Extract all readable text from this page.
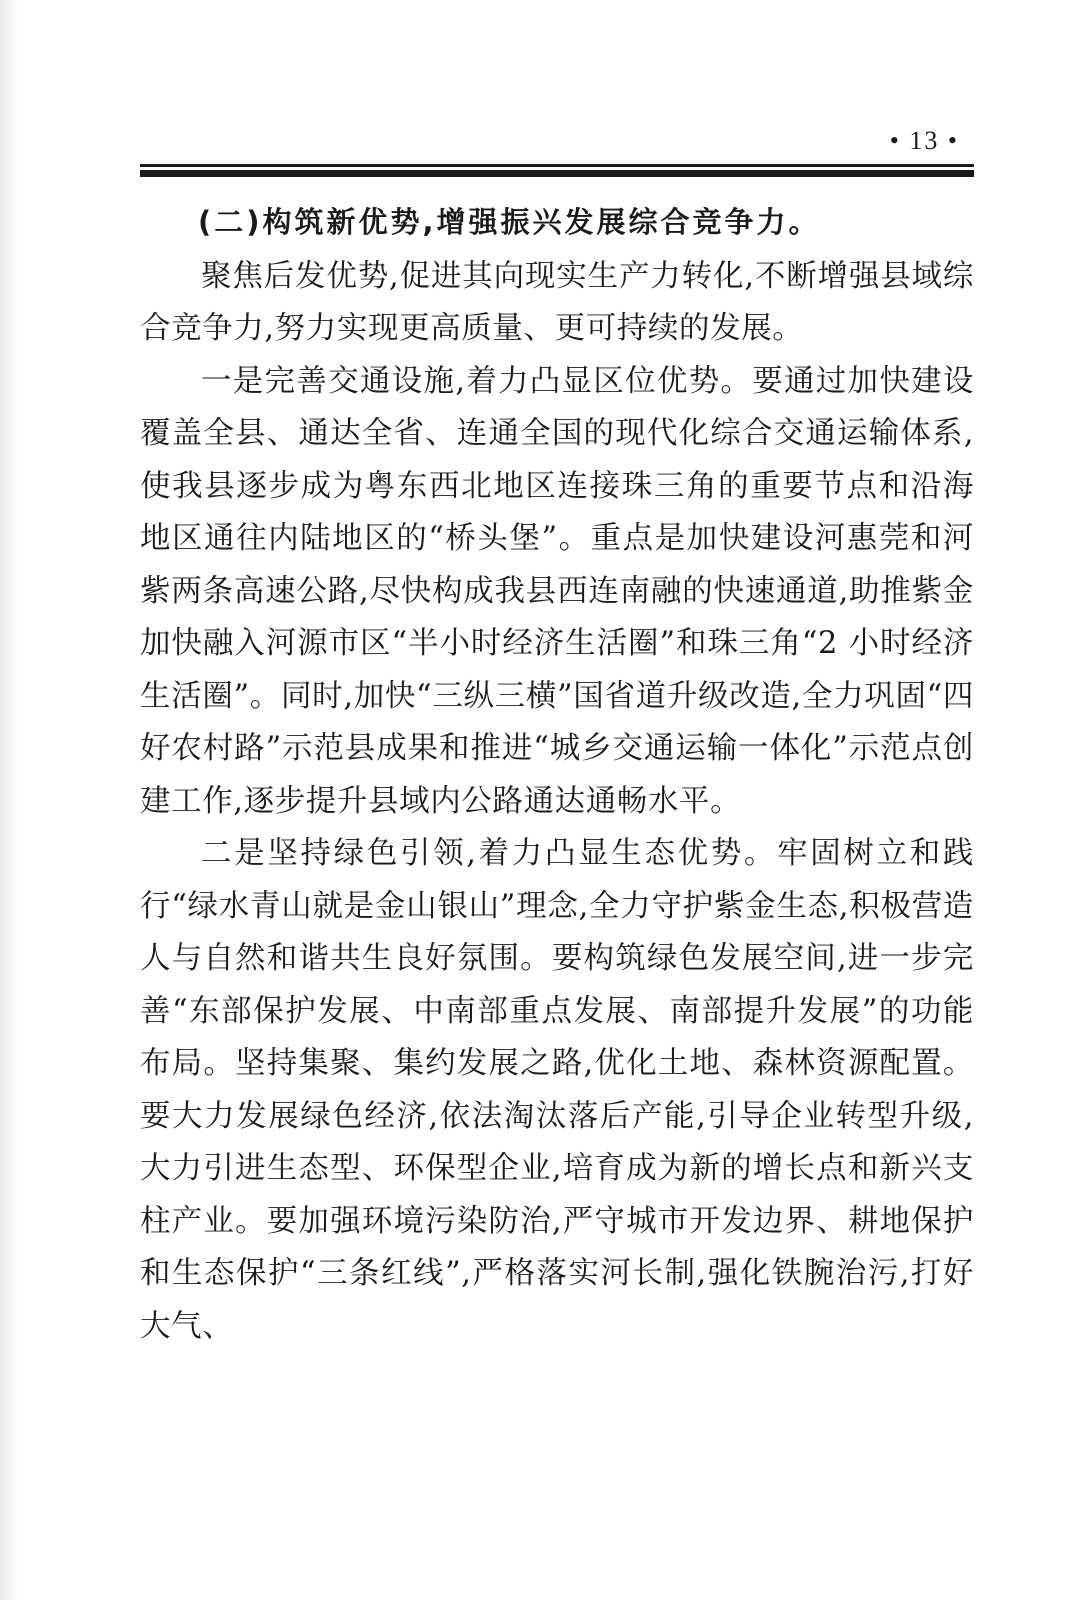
• 13 •

(二)构筑新优势,增强振兴发展综合竞争力。

聚焦后发优势,促进其向现实生产力转化,不断增强县域综合竞争力,努力实现更高质量、更可持续的发展。

一是完善交通设施,着力凸显区位优势。要通过加快建设覆盖全县、通达全省、连通全国的现代化综合交通运输体系,使我县逐步成为粤东西北地区连接珠三角的重要节点和沿海地区通往内陆地区的“桥头堡”。重点是加快建设河惠莞和河紫两条高速公路,尽快构成我县西连南融的快速通道,助推紫金加快融入河源市区“半小时经济生活圈”和珠三角“2 小时经济生活圈”。同时,加快“三纵三横”国省道升级改造,全力巩固“四好农村路”示范县成果和推进“城乡交通运输一体化”示范点创建工作,逐步提升县域内公路通达通畅水平。

二是坚持绿色引领,着力凸显生态优势。牢固树立和践行“绿水青山就是金山银山”理念,全力守护紫金生态,积极营造人与自然和谐共生良好氛围。要构筑绿色发展空间,进一步完善“东部保护发展、中南部重点发展、南部提升发展”的功能布局。坚持集聚、集约发展之路,优化土地、森林资源配置。要大力发展绿色经济,依法淘汰落后产能,引导企业转型升级,大力引进生态型、环保型企业,培育成为新的增长点和新兴支柱产业。要加强环境污染防治,严守城市开发边界、耕地保护和生态保护“三条红线”,严格落实河长制,强化铁腕治污,打好大气、
